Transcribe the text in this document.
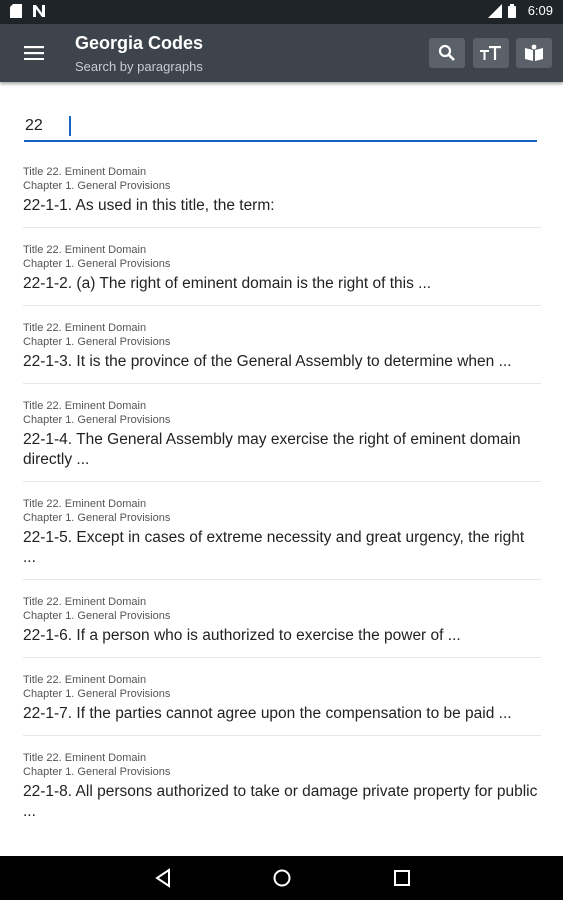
6:09
Georgia Codes
Search by paragraphs
22
Title 22. Eminent Domain
Chapter 1. General Provisions
22-1-1. As used in this title, the term:
Title 22. Eminent Domain
Chapter 1. General Provisions
22-1-2. (a) The right of eminent domain is the right of this ...
Title 22. Eminent Domain
Chapter 1. General Provisions
22-1-3. It is the province of the General Assembly to determine when ...
Title 22. Eminent Domain
Chapter 1. General Provisions
22-1-4. The General Assembly may exercise the right of eminent domain directly ...
Title 22. Eminent Domain
Chapter 1. General Provisions
22-1-5. Except in cases of extreme necessity and great urgency, the right ...
Title 22. Eminent Domain
Chapter 1. General Provisions
22-1-6. If a person who is authorized to exercise the power of ...
Title 22. Eminent Domain
Chapter 1. General Provisions
22-1-7. If the parties cannot agree upon the compensation to be paid ...
Title 22. Eminent Domain
Chapter 1. General Provisions
22-1-8. All persons authorized to take or damage private property for public ...
